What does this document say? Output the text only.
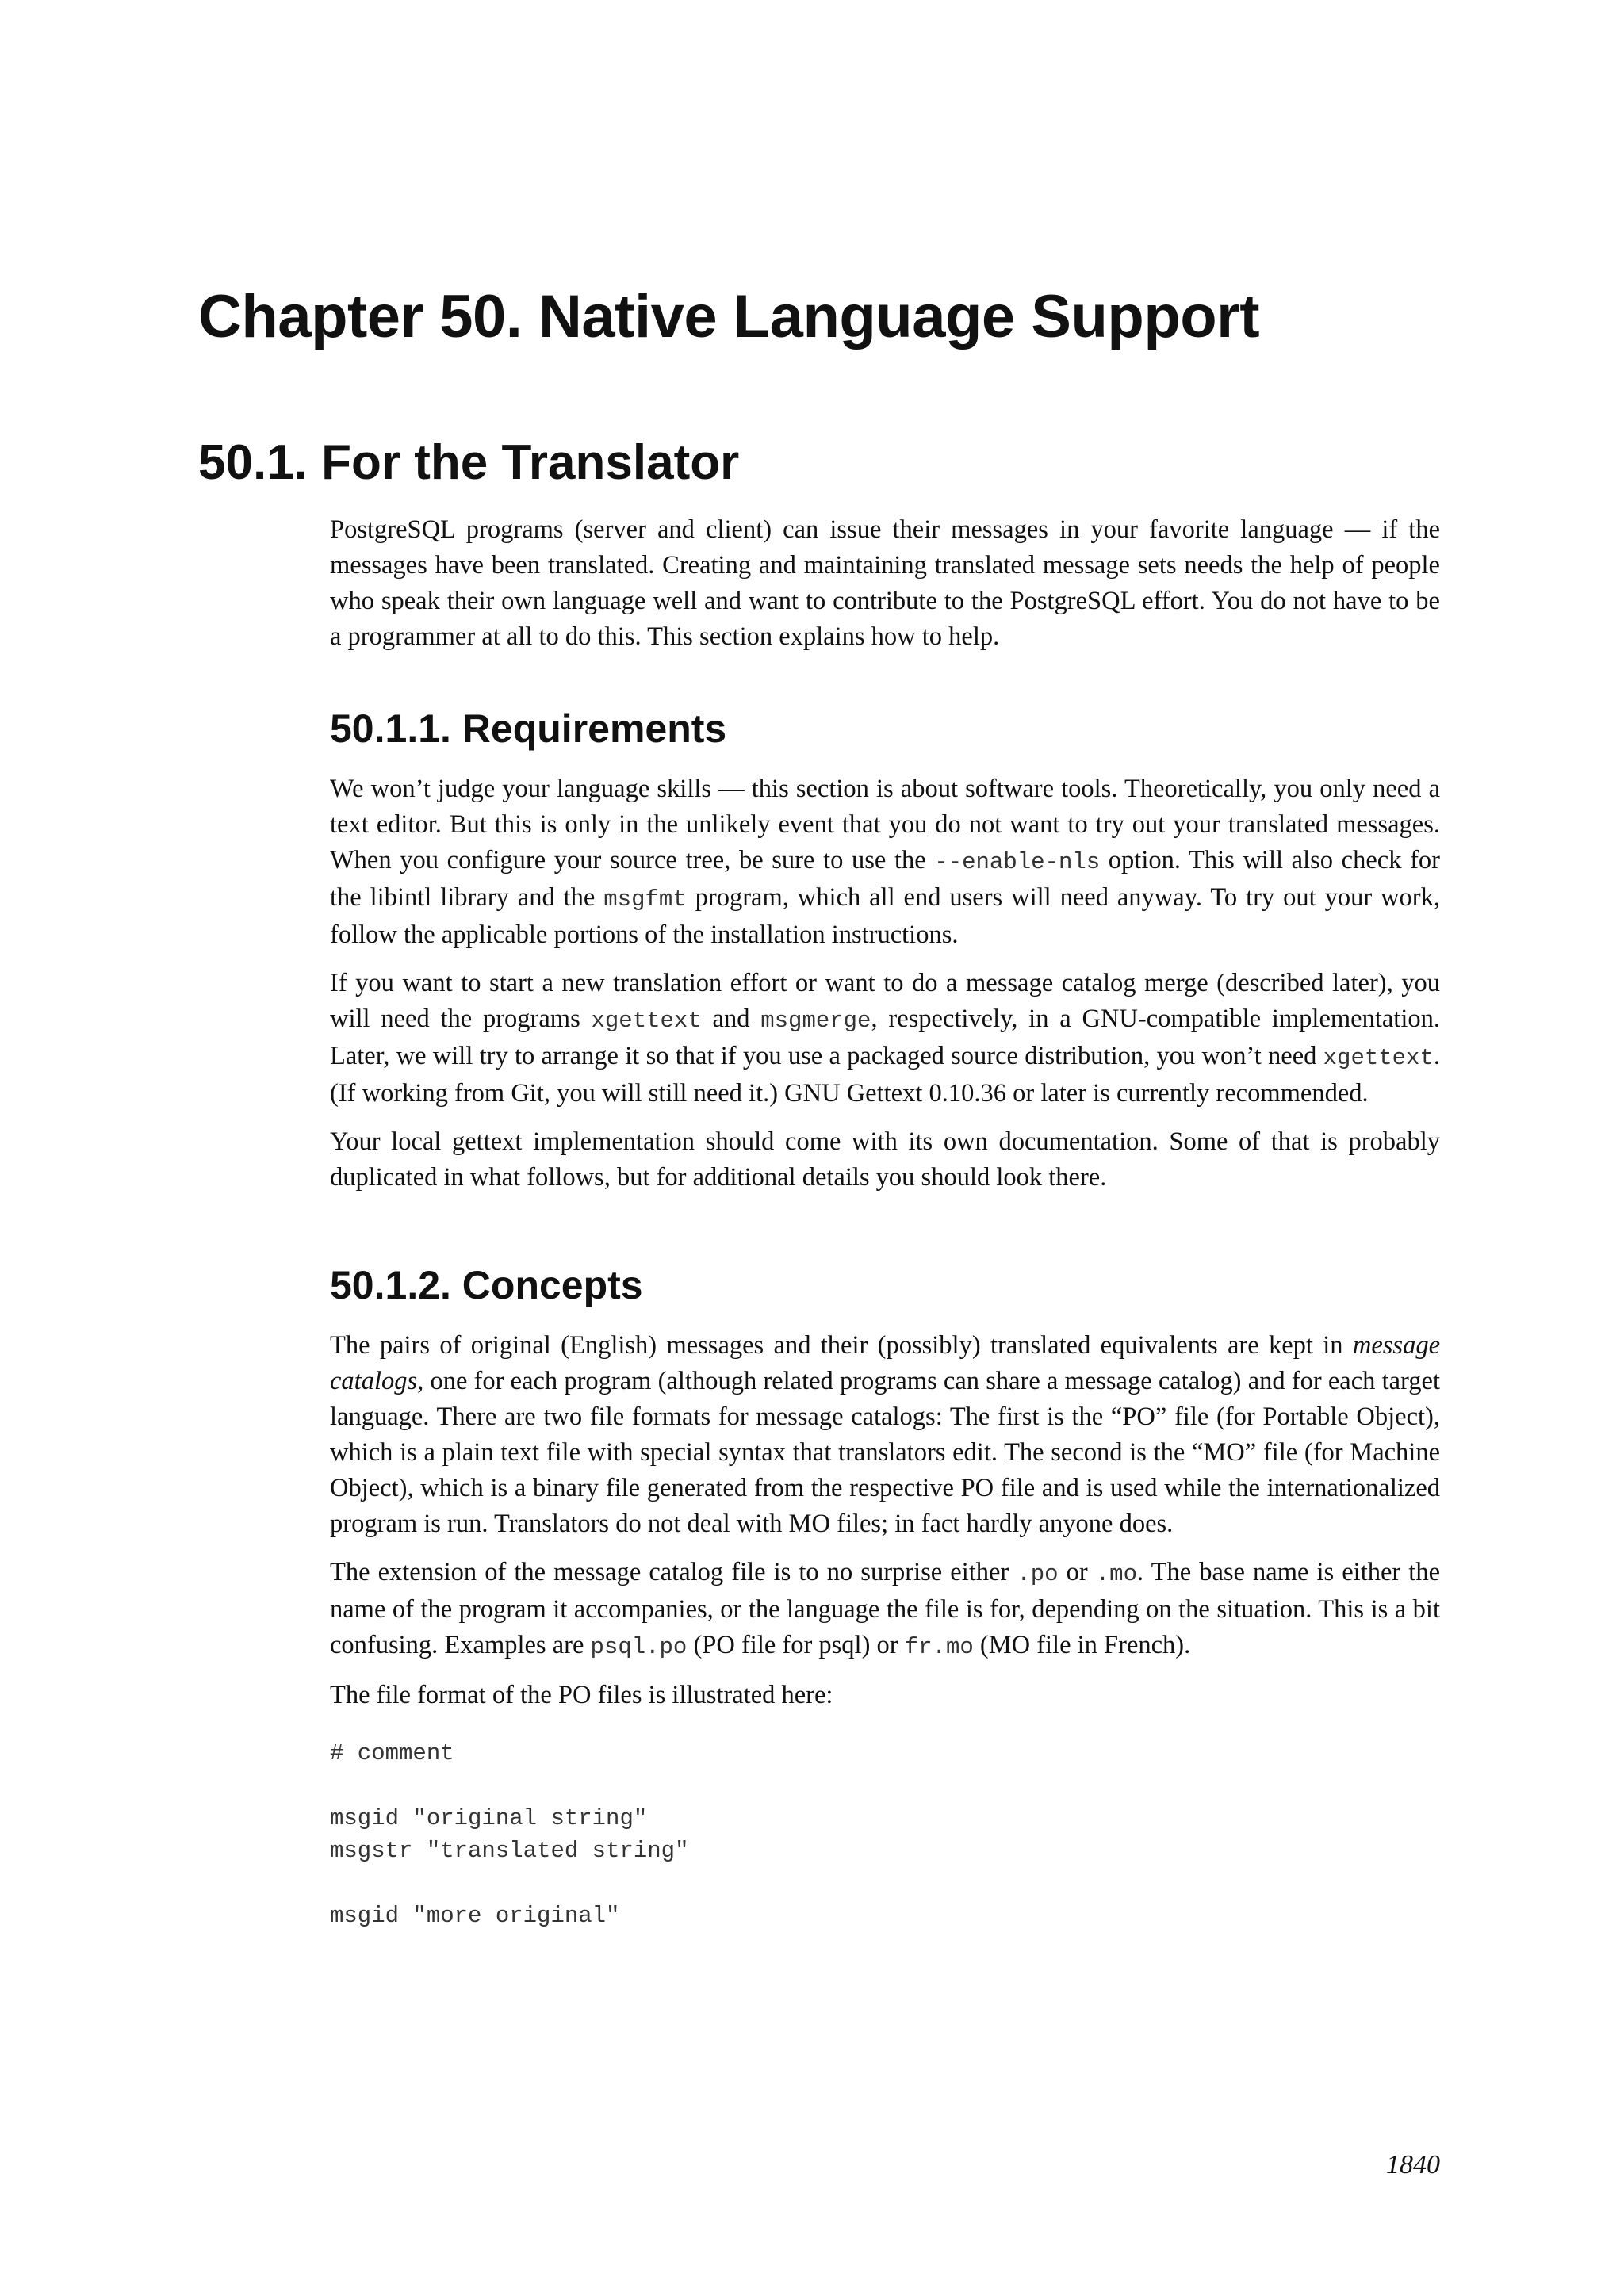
Chapter 50. Native Language Support
50.1. For the Translator

PostgreSQL programs (server and client) can issue their messages in your favorite language — if the messages have been translated. Creating and maintaining translated message sets needs the help of people who speak their own language well and want to contribute to the PostgreSQL effort. You do not have to be a programmer at all to do this. This section explains how to help.

50.1.1. Requirements

We won’t judge your language skills — this section is about software tools. Theoretically, you only need a text editor. But this is only in the unlikely event that you do not want to try out your translated messages. When you configure your source tree, be sure to use the --enable-nls option. This will also check for the libintl library and the msgfmt program, which all end users will need anyway. To try out your work, follow the applicable portions of the installation instructions.

If you want to start a new translation effort or want to do a message catalog merge (described later), you will need the programs xgettext and msgmerge, respectively, in a GNU-compatible implementation. Later, we will try to arrange it so that if you use a packaged source distribution, you won’t need xgettext. (If working from Git, you will still need it.) GNU Gettext 0.10.36 or later is currently recommended.

Your local gettext implementation should come with its own documentation. Some of that is probably duplicated in what follows, but for additional details you should look there.

50.1.2. Concepts

The pairs of original (English) messages and their (possibly) translated equivalents are kept in message catalogs, one for each program (although related programs can share a message catalog) and for each target language. There are two file formats for message catalogs: The first is the “PO” file (for Portable Object), which is a plain text file with special syntax that translators edit. The second is the “MO” file (for Machine Object), which is a binary file generated from the respective PO file and is used while the internationalized program is run. Translators do not deal with MO files; in fact hardly anyone does.

The extension of the message catalog file is to no surprise either .po or .mo. The base name is either the name of the program it accompanies, or the language the file is for, depending on the situation. This is a bit confusing. Examples are psql.po (PO file for psql) or fr.mo (MO file in French).

The file format of the PO files is illustrated here:

# comment

msgid "original string"
msgstr "translated string"

msgid "more original"
1840
